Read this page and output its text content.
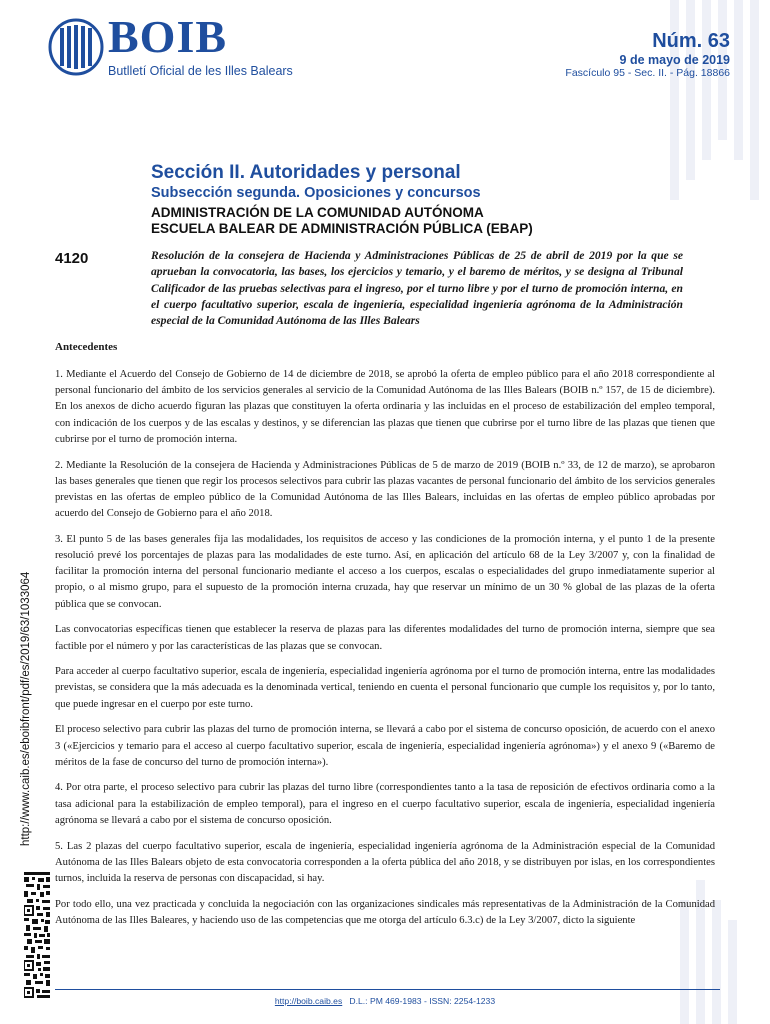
BOIB
Butlletí Oficial de les Illes Balears
Núm. 63
9 de mayo de 2019
Fascículo 95 - Sec. II. - Pág. 18866
Sección II. Autoridades y personal
Subsección segunda. Oposiciones y concursos
ADMINISTRACIÓN DE LA COMUNIDAD AUTÓNOMA
ESCUELA BALEAR DE ADMINISTRACIÓN PÚBLICA (EBAP)
4120	Resolución de la consejera de Hacienda y Administraciones Públicas de 25 de abril de 2019 por la que se aprueban la convocatoria, las bases, los ejercicios y temario, y el baremo de méritos, y se designa al Tribunal Calificador de las pruebas selectivas para el ingreso, por el turno libre y por el turno de promoción interna, en el cuerpo facultativo superior, escala de ingeniería, especialidad ingeniería agrónoma de la Administración especial de la Comunidad Autónoma de las Illes Balears
Antecedentes

1. Mediante el Acuerdo del Consejo de Gobierno de 14 de diciembre de 2018, se aprobó la oferta de empleo público para el año 2018 correspondiente al personal funcionario del ámbito de los servicios generales al servicio de la Comunidad Autónoma de las Illes Balears (BOIB n.º 157, de 15 de diciembre). En los anexos de dicho acuerdo figuran las plazas que constituyen la oferta ordinaria y las incluidas en el proceso de estabilización del empleo temporal, con indicación de los cuerpos y de las escalas y destinos, y se diferencian las plazas que tienen que cubrirse por el turno libre de las plazas que tienen que cubrirse por el turno de promoción interna.

2. Mediante la Resolución de la consejera de Hacienda y Administraciones Públicas de 5 de marzo de 2019 (BOIB n.º 33, de 12 de marzo), se aprobaron las bases generales que tienen que regir los procesos selectivos para cubrir las plazas vacantes de personal funcionario del ámbito de los servicios generales previstas en las ofertas de empleo público de la Comunidad Autónoma de las Illes Balears, incluidas en las ofertas de empleo público aprobadas por acuerdo del Consejo de Gobierno para el año 2018.

3. El punto 5 de las bases generales fija las modalidades, los requisitos de acceso y las condiciones de la promoción interna, y el punto 1 de la presente resolució prevé los porcentajes de plazas para las modalidades de este turno. Así, en aplicación del artículo 68 de la Ley 3/2007 y, con la finalidad de facilitar la promoción interna del personal funcionario mediante el acceso a los cuerpos, escalas o especialidades del grupo inmediatamente superior al propio, o al mismo grupo, para el supuesto de la promoción interna cruzada, hay que reservar un mínimo de un 30 % global de las plazas de la oferta pública que se convocan.

Las convocatorias específicas tienen que establecer la reserva de plazas para las diferentes modalidades del turno de promoción interna, siempre que sea factible por el número y por las características de las plazas que se convocan.

Para acceder al cuerpo facultativo superior, escala de ingeniería, especialidad ingeniería agrónoma por el turno de promoción interna, entre las modalidades previstas, se considera que la más adecuada es la denominada vertical, teniendo en cuenta el personal funcionario que cumple los requisitos y, por lo tanto, que puede ingresar en el cuerpo por este turno.

El proceso selectivo para cubrir las plazas del turno de promoción interna, se llevará a cabo por el sistema de concurso oposición, de acuerdo con el anexo 3 («Ejercicios y temario para el acceso al cuerpo facultativo superior, escala de ingeniería, especialidad ingeniería agrónoma») y el anexo 9 («Baremo de méritos de la fase de concurso del turno de promoción interna»).

4. Por otra parte, el proceso selectivo para cubrir las plazas del turno libre (correspondientes tanto a la tasa de reposición de efectivos ordinaria como a la tasa adicional para la estabilización de empleo temporal), para el ingreso en el cuerpo facultativo superior, escala de ingeniería, especialidad ingeniería agrónoma se llevará a cabo por el sistema de concurso oposición.

5. Las 2 plazas del cuerpo facultativo superior, escala de ingeniería, especialidad ingeniería agrónoma de la Administración especial de la Comunidad Autónoma de las Illes Balears objeto de esta convocatoria corresponden a la oferta pública del año 2018, y se distribuyen por islas, en los correspondientes turnos, incluida la reserva de personas con discapacidad, si hay.

Por todo ello, una vez practicada y concluida la negociación con las organizaciones sindicales más representativas de la Administración de la Comunidad Autónoma de las Illes Baleares, y haciendo uso de las competencias que me otorga del artículo 6.3.c) de la Ley 3/2007, dicto la siguiente

http://www.caib.es/eboibfront/pdf/es/2019/63/1033064
http://boib.caib.es D.L.: PM 469-1983 - ISSN: 2254-1233
